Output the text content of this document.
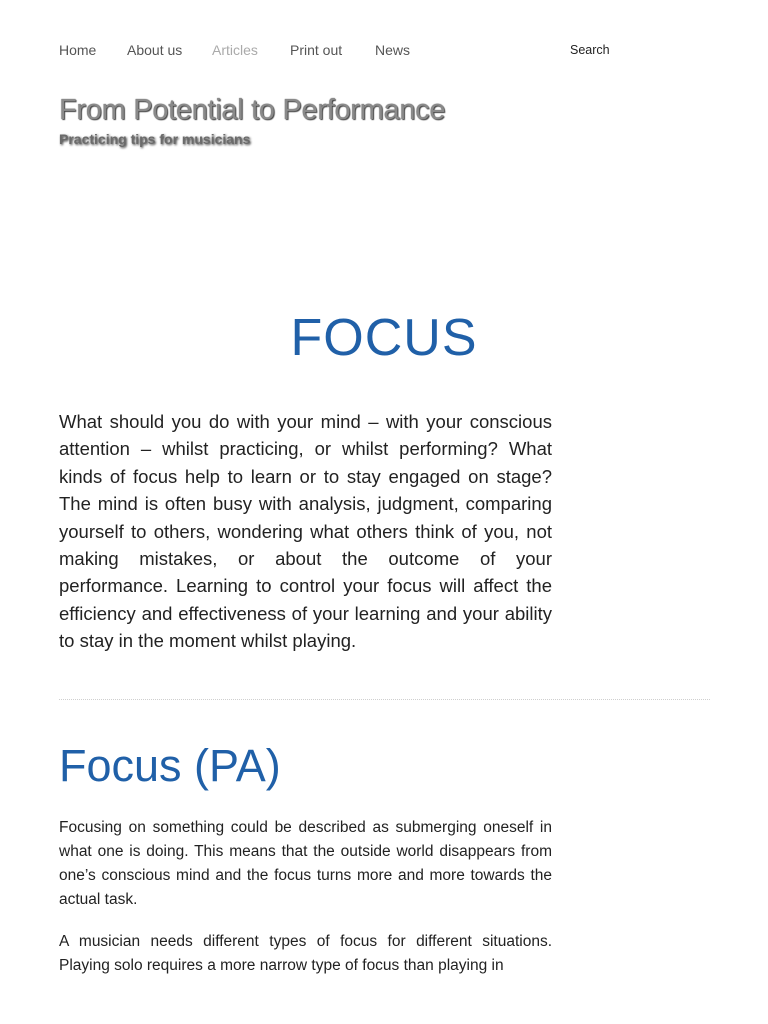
Home About us Articles Print out News	Search
From Potential to Performance

Practicing tips for musicians

FOCUS

What should you do with your mind – with your conscious attention – whilst practicing, or whilst performing? What kinds of focus help to learn or to stay engaged on stage? The mind is often busy with analysis, judgment, comparing yourself to others, wondering what others think of you, not making mistakes, or about the outcome of your performance. Learning to control your focus will affect the efficiency and effectiveness of your learning and your ability to stay in the moment whilst playing.

Focus (PA)

Focusing on something could be described as submerging oneself in what one is doing. This means that the outside world disappears from one’s conscious mind and the focus turns more and more towards the actual task.

A musician needs different types of focus for different situations. Playing solo requires a more narrow type of focus than playing in
